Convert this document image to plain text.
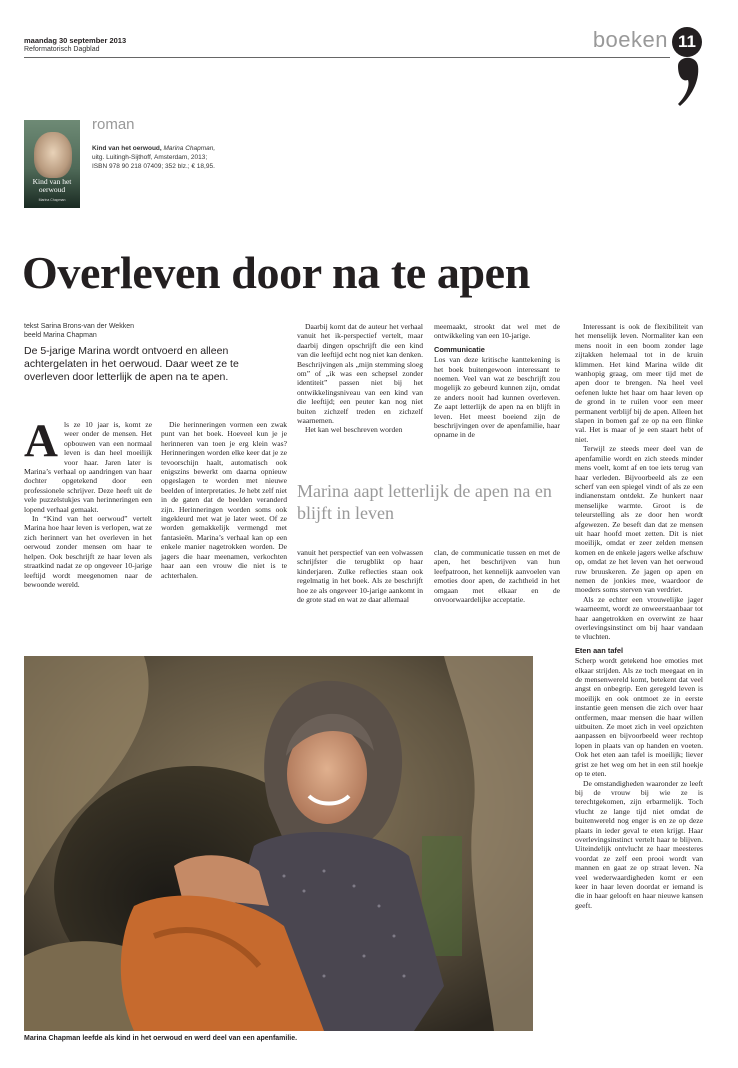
maandag 30 september 2013
Reformatorisch Dagblad	boeken 11
Kind van het oerwoud
Marina Chapman
roman
Kind van het oerwoud, Marina Chapman,
uitg. Luitingh-Sijthoff, Amsterdam, 2013;
ISBN 978 90 218 07409; 352 blz.; € 18,95.
Overleven door na te apen
tekst Sarina Brons-van der Wekken
beeld Marina Chapman
De 5-jarige Marina wordt ontvoerd en alleen achtergelaten in het oerwoud. Daar weet ze te overleven door letterlijk de apen na te apen.

Als ze 10 jaar is, komt ze weer onder de mensen. Het opbouwen van een normaal leven is dan heel moeilijk voor haar. Jaren later is Marina’s verhaal op aandringen van haar dochter opgetekend door een professionele schrijver. Deze heeft uit de vele puzzelstukjes van herinneringen een lopend verhaal gemaakt.

In “Kind van het oerwoud” vertelt Marina hoe haar leven is verlopen, wat ze zich herinnert van het overleven in het oerwoud zonder mensen om haar te helpen. Ook beschrijft ze haar leven als straatkind nadat ze op ongeveer 10-jarige leeftijd wordt meegenomen naar de bewoonde wereld.

Die herinneringen vormen een zwak punt van het boek. Hoeveel kun je je herinneren van toen je erg klein was? Herinneringen worden elke keer dat je ze tevoorschijn haalt, automatisch ook enigszins bewerkt om daarna opnieuw opgeslagen te worden met nieuwe beelden of interpretaties. Je hebt zelf niet in de gaten dat de beelden veranderd zijn. Herinneringen worden soms ook ingekleurd met wat je later weet. Of ze worden gemakkelijk vermengd met fantasieën. Marina’s verhaal kan op een enkele manier nagetrokken worden. De jagers die haar meenamen, verkochten haar aan een vrouw die niet is te achterhalen.

Daarbij komt dat de auteur het verhaal vanuit het ik-perspectief vertelt, maar daarbij dingen opschrijft die een kind van die leeftijd echt nog niet kan denken. Beschrijvingen als „mijn stemming sloeg om” of „ik was een schepsel zonder identiteit” passen niet bij het ontwikkelingsniveau van een kind van die leeftijd; een peuter kan nog niet buiten zichzelf treden en zichzelf waarnemen.

Het kan wel beschreven worden

meemaakt, strookt dat wel met de ontwikkeling van een 10-jarige.

Communicatie

Los van deze kritische kanttekening is het boek buitengewoon interessant te noemen. Veel van wat ze beschrijft zou mogelijk zo gebeurd kunnen zijn, omdat ze anders nooit had kunnen overleven. Ze aapt letterlijk de apen na en blijft in leven. Het meest boeiend zijn de beschrijvingen over de apenfamilie, haar opname in de

Marina aapt letterlijk de apen na en blijft in leven

vanuit het perspectief van een volwassen schrijfster die terugblikt op haar kinderjaren. Zulke reflecties staan ook regelmatig in het boek. Als ze beschrijft hoe ze als ongeveer 10-jarige aankomt in de grote stad en wat ze daar allemaal

clan, de communicatie tussen en met de apen, het beschrijven van hun leefpatroon, het kennelijk aanvoelen van emoties door apen, de zachtheid in het omgaan met elkaar en de onvoorwaardelijke acceptatie.

Interessant is ook de flexibiliteit van het menselijk leven. Normaliter kan een mens nooit in een boom zonder lage zijtakken helemaal tot in de kruin klimmen. Het kind Marina wilde dit wanhopig graag, om meer tijd met de apen door te brengen. Na heel veel oefenen lukte het haar om haar leven op de grond in te ruilen voor een meer permanent verblijf bij de apen. Alleen het slapen in bomen gaf ze op na een flinke val. Het is maar of je een staart hebt of niet.

Terwijl ze steeds meer deel van de apenfamilie wordt en zich steeds minder mens voelt, komt af en toe iets terug van haar verleden. Bijvoorbeeld als ze een scherf van een spiegel vindt of als ze een indianenstam ontdekt. Ze hunkert naar menselijke warmte. Groot is de teleurstelling als ze door hen wordt afgewezen. Ze beseft dan dat ze mensen uit haar hoofd moet zetten. Dit is niet moeilijk, omdat er zeer zelden mensen komen en de enkele jagers welke afschuw op, omdat ze het leven van het oerwoud ruw bruuskeren. Ze jagen op apen en nemen de jonkies mee, waardoor de moeders soms sterven van verdriet.

Als ze echter een vrouwelijke jager waarneemt, wordt ze onweerstaanbaar tot haar aangetrokken en overwint ze haar overlevingsinstinct om bij haar vandaan te vluchten.

Eten aan tafel

Scherp wordt getekend hoe emoties met elkaar strijden. Als ze toch meegaat en in de mensenwereld komt, betekent dat veel angst en onbegrip. Een geregeld leven is moeilijk en ook ontmoet ze in eerste instantie geen mensen die zich over haar ontfermen, maar mensen die haar willen uitbuiten. Ze moet zich in veel opzichten aanpassen en bijvoorbeeld weer rechtop lopen in plaats van op handen en voeten. Ook het eten aan tafel is moeilijk; liever grist ze het weg om het in een stil hoekje op te eten.

De omstandigheden waaronder ze leeft bij de vrouw bij wie ze is terechtgekomen, zijn erbarmelijk. Toch vlucht ze lange tijd niet omdat de buitenwereld nog enger is en ze op deze plaats in ieder geval te eten krijgt. Haar overlevingsinstinct vertelt haar te blijven. Uiteindelijk ontvlucht ze haar meesteres voordat ze zelf een prooi wordt van mannen en gaat ze op straat leven. Na veel wederwaardigheden komt er een keer in haar leven doordat er iemand is die in haar gelooft en haar nieuwe kansen geeft.

Marina Chapman leefde als kind in het oerwoud en werd deel van een apenfamilie.
